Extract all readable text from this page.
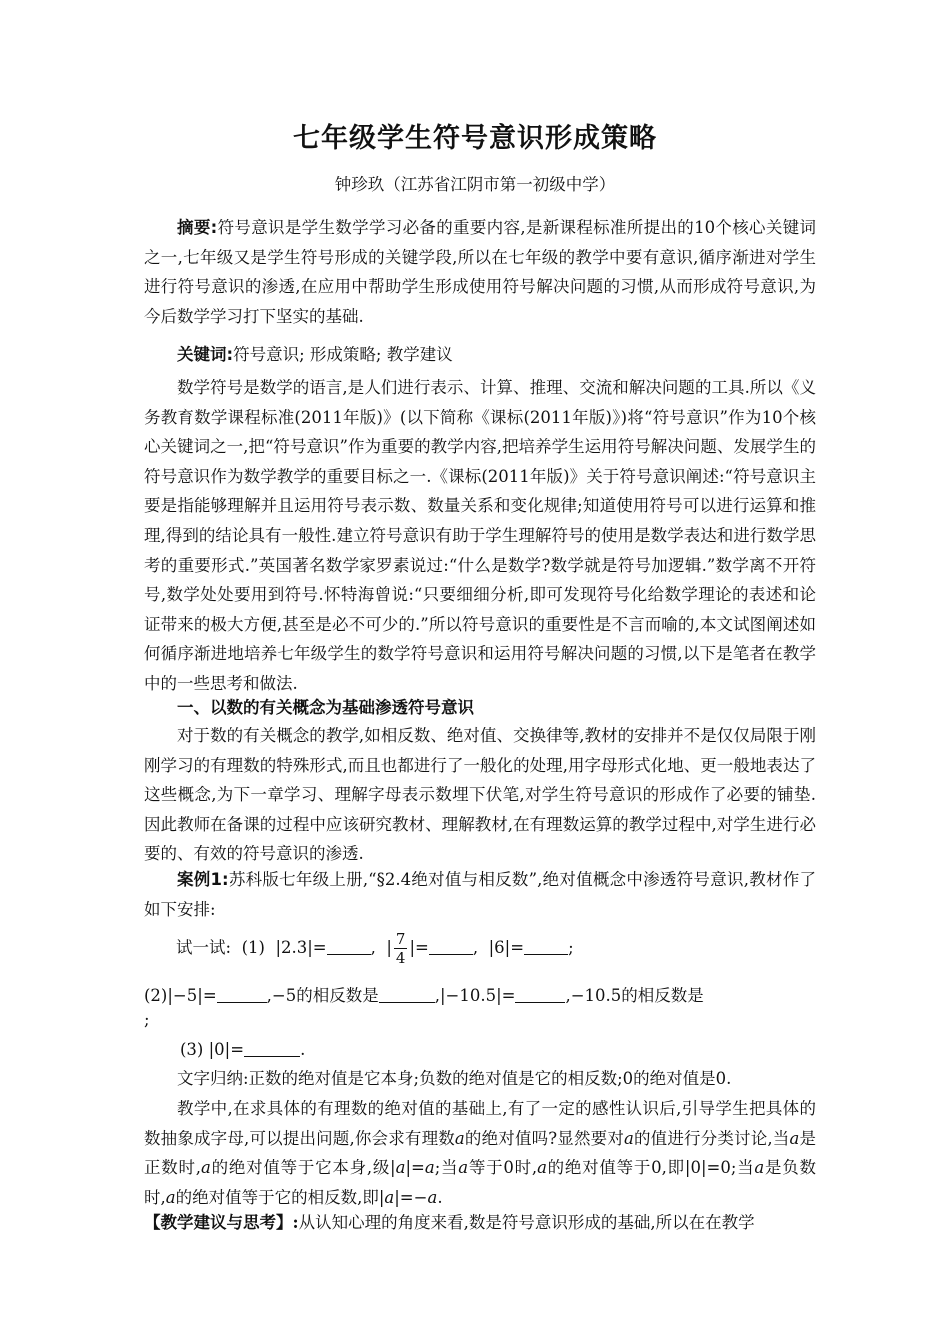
七年级学生符号意识形成策略
钟珍玖（江苏省江阴市第一初级中学）
摘要:符号意识是学生数学学习必备的重要内容,是新课程标准所提出的10个核心关键词之一,七年级又是学生符号形成的关键学段,所以在七年级的教学中要有意识,循序渐进对学生进行符号意识的渗透,在应用中帮助学生形成使用符号解决问题的习惯,从而形成符号意识,为今后数学学习打下坚实的基础.
关键词:符号意识; 形成策略; 教学建议
数学符号是数学的语言,是人们进行表示、计算、推理、交流和解决问题的工具.所以《义务教育数学课程标准(2011年版)》(以下简称《课标(2011年版)》)将“符号意识”作为10个核心关键词之一,把“符号意识”作为重要的教学内容,把培养学生运用符号解决问题、发展学生的符号意识作为数学教学的重要目标之一.《课标(2011年版)》关于符号意识阐述:“符号意识主要是指能够理解并且运用符号表示数、数量关系和变化规律;知道使用符号可以进行运算和推理,得到的结论具有一般性.建立符号意识有助于学生理解符号的使用是数学表达和进行数学思考的重要形式.”英国著名数学家罗素说过:“什么是数学?数学就是符号加逻辑.”数学离不开符号,数学处处要用到符号.怀特海曾说:“只要细细分析,即可发现符号化给数学理论的表述和论证带来的极大方便,甚至是必不可少的.”所以符号意识的重要性是不言而喻的,本文试图阐述如何循序渐进地培养七年级学生的数学符号意识和运用符号解决问题的习惯,以下是笔者在教学中的一些思考和做法.
一、以数的有关概念为基础渗透符号意识
对于数的有关概念的教学,如相反数、绝对值、交换律等,教材的安排并不是仅仅局限于刚刚学习的有理数的特殊形式,而且也都进行了一般化的处理,用字母形式化地、更一般地表达了这些概念,为下一章学习、理解字母表示数埋下伏笔,对学生符号意识的形成作了必要的铺垫.因此教师在备课的过程中应该研究教材、理解教材,在有理数运算的教学过程中,对学生进行必要的、有效的符号意识的渗透.
案例1:苏科版七年级上册,“§2.4绝对值与相反数”,绝对值概念中渗透符号意识,教材作了如下安排:
试一试: (1) |2.3|=	,  | $\frac{7}{4}$ |=	,  |6|=	;
(2)|−5|=	,−5的相反数是	,|−10.5|=	,−10.5的相反数是
;
(3) |0|=	.
文字归纳:正数的绝对值是它本身;负数的绝对值是它的相反数;0的绝对值是0.
教学中,在求具体的有理数的绝对值的基础上,有了一定的感性认识后,引导学生把具体的数抽象成字母,可以提出问题,你会求有理数a的绝对值吗?显然要对a的值进行分类讨论,当a是正数时,a的绝对值等于它本身,级|a|=a;当a等于0时,a的绝对值等于0,即|0|=0;当a是负数时,a的绝对值等于它的相反数,即|a|=−a.
【教学建议与思考】:从认知心理的角度来看,数是符号意识形成的基础,所以在在教学
